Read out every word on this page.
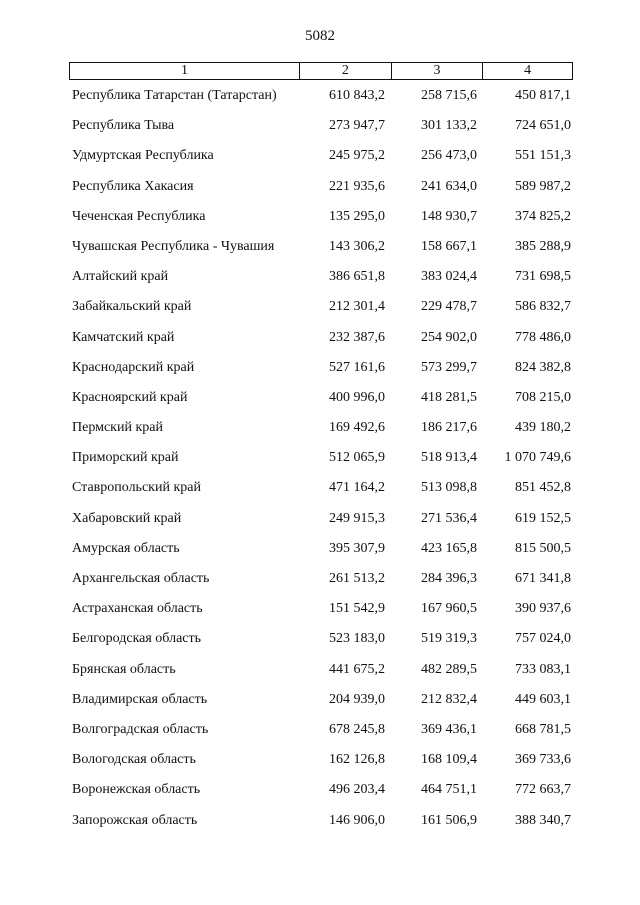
5082
1	2	3	4
Республика Татарстан (Татарстан)	610 843,2	258 715,6	450 817,1
Республика Тыва	273 947,7	301 133,2	724 651,0
Удмуртская Республика	245 975,2	256 473,0	551 151,3
Республика Хакасия	221 935,6	241 634,0	589 987,2
Чеченская Республика	135 295,0	148 930,7	374 825,2
Чувашская Республика - Чувашия	143 306,2	158 667,1	385 288,9
Алтайский край	386 651,8	383 024,4	731 698,5
Забайкальский край	212 301,4	229 478,7	586 832,7
Камчатский край	232 387,6	254 902,0	778 486,0
Краснодарский край	527 161,6	573 299,7	824 382,8
Красноярский край	400 996,0	418 281,5	708 215,0
Пермский край	169 492,6	186 217,6	439 180,2
Приморский край	512 065,9	518 913,4	1 070 749,6
Ставропольский край	471 164,2	513 098,8	851 452,8
Хабаровский край	249 915,3	271 536,4	619 152,5
Амурская область	395 307,9	423 165,8	815 500,5
Архангельская область	261 513,2	284 396,3	671 341,8
Астраханская область	151 542,9	167 960,5	390 937,6
Белгородская область	523 183,0	519 319,3	757 024,0
Брянская область	441 675,2	482 289,5	733 083,1
Владимирская область	204 939,0	212 832,4	449 603,1
Волгоградская область	678 245,8	369 436,1	668 781,5
Вологодская область	162 126,8	168 109,4	369 733,6
Воронежская область	496 203,4	464 751,1	772 663,7
Запорожская область	146 906,0	161 506,9	388 340,7
